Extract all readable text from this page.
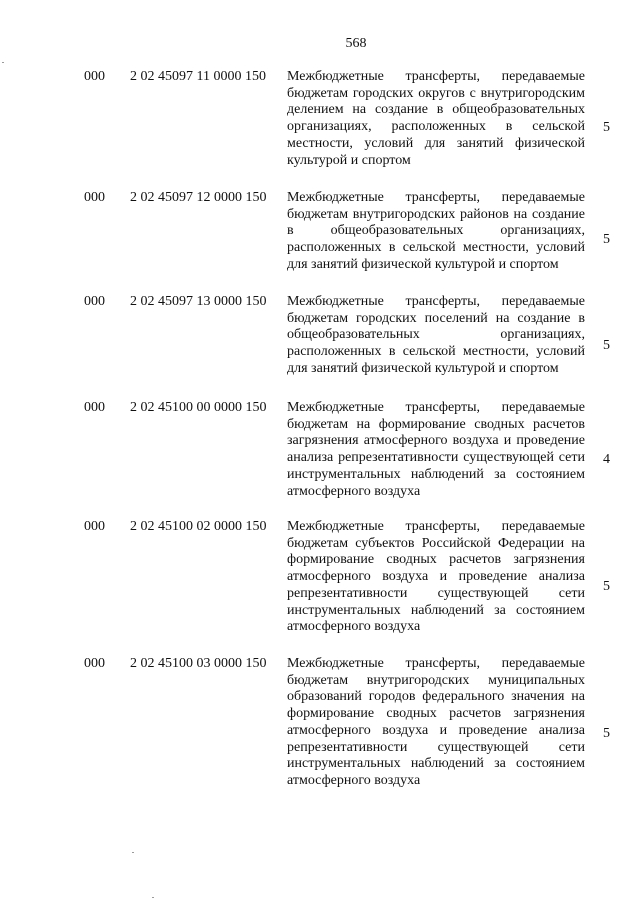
568
000 2 02 45097 11 0000 150 Межбюджетные трансферты, передаваемые бюджетам городских округов с внутригородским делением на создание в общеобразовательных организациях, расположенных в сельской местности, условий для занятий физической культурой и спортом
5
000 2 02 45097 12 0000 150 Межбюджетные трансферты, передаваемые бюджетам внутригородских районов на создание в общеобразовательных организациях, расположенных в сельской местности, условий для занятий физической культурой и спортом
5
000 2 02 45097 13 0000 150 Межбюджетные трансферты, передаваемые бюджетам городских поселений на создание в общеобразовательных организациях, расположенных в сельской местности, условий для занятий физической культурой и спортом
5
000 2 02 45100 00 0000 150 Межбюджетные трансферты, передаваемые бюджетам на формирование сводных расчетов загрязнения атмосферного воздуха и проведение анализа репрезентативности существующей сети инструментальных наблюдений за состоянием атмосферного воздуха
4
000 2 02 45100 02 0000 150 Межбюджетные трансферты, передаваемые бюджетам субъектов Российской Федерации на формирование сводных расчетов загрязнения атмосферного воздуха и проведение анализа репрезентативности существующей сети инструментальных наблюдений за состоянием атмосферного воздуха
5
000 2 02 45100 03 0000 150 Межбюджетные трансферты, передаваемые бюджетам внутригородских муниципальных образований городов федерального значения на формирование сводных расчетов загрязнения атмосферного воздуха и проведение анализа репрезентативности существующей сети инструментальных наблюдений за состоянием атмосферного воздуха
5
